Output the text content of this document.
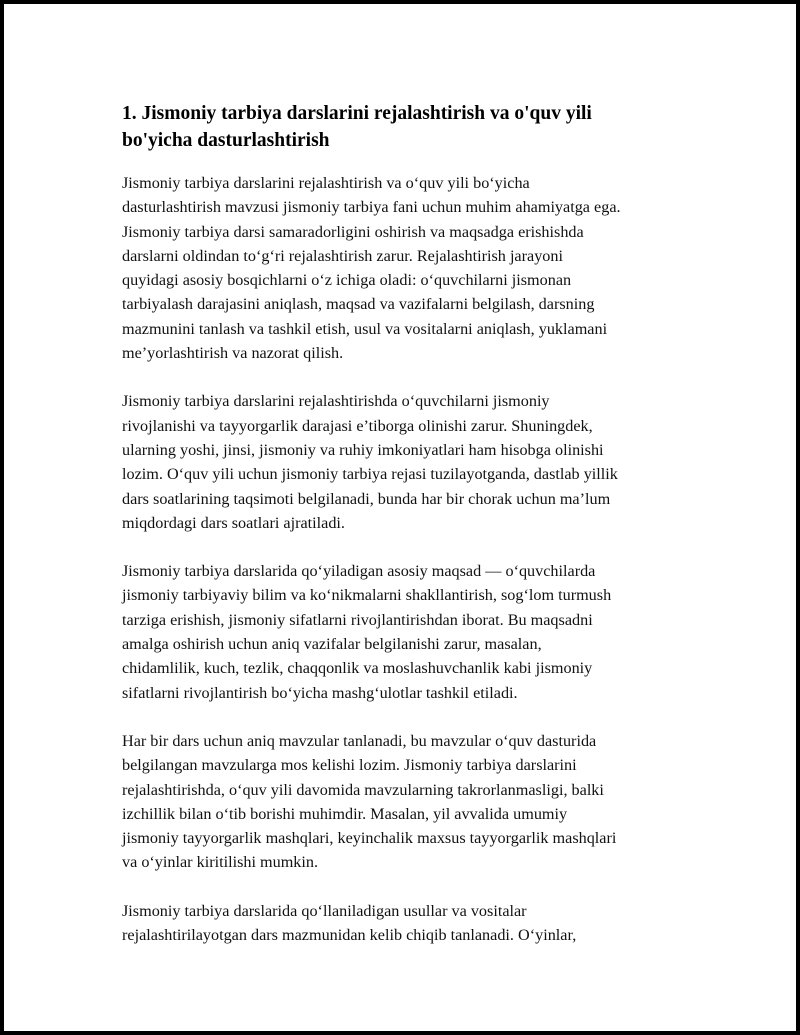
1. Jismoniy tarbiya darslarini rejalashtirish va o'quv yili
bo'yicha dasturlashtirish

Jismoniy tarbiya darslarini rejalashtirish va o‘quv yili bo‘yicha
dasturlashtirish mavzusi jismoniy tarbiya fani uchun muhim ahamiyatga ega.
Jismoniy tarbiya darsi samaradorligini oshirish va maqsadga erishishda
darslarni oldindan to‘g‘ri rejalashtirish zarur. Rejalashtirish jarayoni
quyidagi asosiy bosqichlarni o‘z ichiga oladi: o‘quvchilarni jismonan
tarbiyalash darajasini aniqlash, maqsad va vazifalarni belgilash, darsning
mazmunini tanlash va tashkil etish, usul va vositalarni aniqlash, yuklamani
me’yorlashtirish va nazorat qilish.

Jismoniy tarbiya darslarini rejalashtirishda o‘quvchilarni jismoniy
rivojlanishi va tayyorgarlik darajasi e’tiborga olinishi zarur. Shuningdek,
ularning yoshi, jinsi, jismoniy va ruhiy imkoniyatlari ham hisobga olinishi
lozim. O‘quv yili uchun jismoniy tarbiya rejasi tuzilayotganda, dastlab yillik
dars soatlarining taqsimoti belgilanadi, bunda har bir chorak uchun ma’lum
miqdordagi dars soatlari ajratiladi.

Jismoniy tarbiya darslarida qo‘yiladigan asosiy maqsad — o‘quvchilarda
jismoniy tarbiyaviy bilim va ko‘nikmalarni shakllantirish, sog‘lom turmush
tarziga erishish, jismoniy sifatlarni rivojlantirishdan iborat. Bu maqsadni
amalga oshirish uchun aniq vazifalar belgilanishi zarur, masalan,
chidamlilik, kuch, tezlik, chaqqonlik va moslashuvchanlik kabi jismoniy
sifatlarni rivojlantirish bo‘yicha mashg‘ulotlar tashkil etiladi.

Har bir dars uchun aniq mavzular tanlanadi, bu mavzular o‘quv dasturida
belgilangan mavzularga mos kelishi lozim. Jismoniy tarbiya darslarini
rejalashtirishda, o‘quv yili davomida mavzularning takrorlanmasligi, balki
izchillik bilan o‘tib borishi muhimdir. Masalan, yil avvalida umumiy
jismoniy tayyorgarlik mashqlari, keyinchalik maxsus tayyorgarlik mashqlari
va o‘yinlar kiritilishi mumkin.

Jismoniy tarbiya darslarida qo‘llaniladigan usullar va vositalar
rejalashtirilayotgan dars mazmunidan kelib chiqib tanlanadi. O‘yinlar,
